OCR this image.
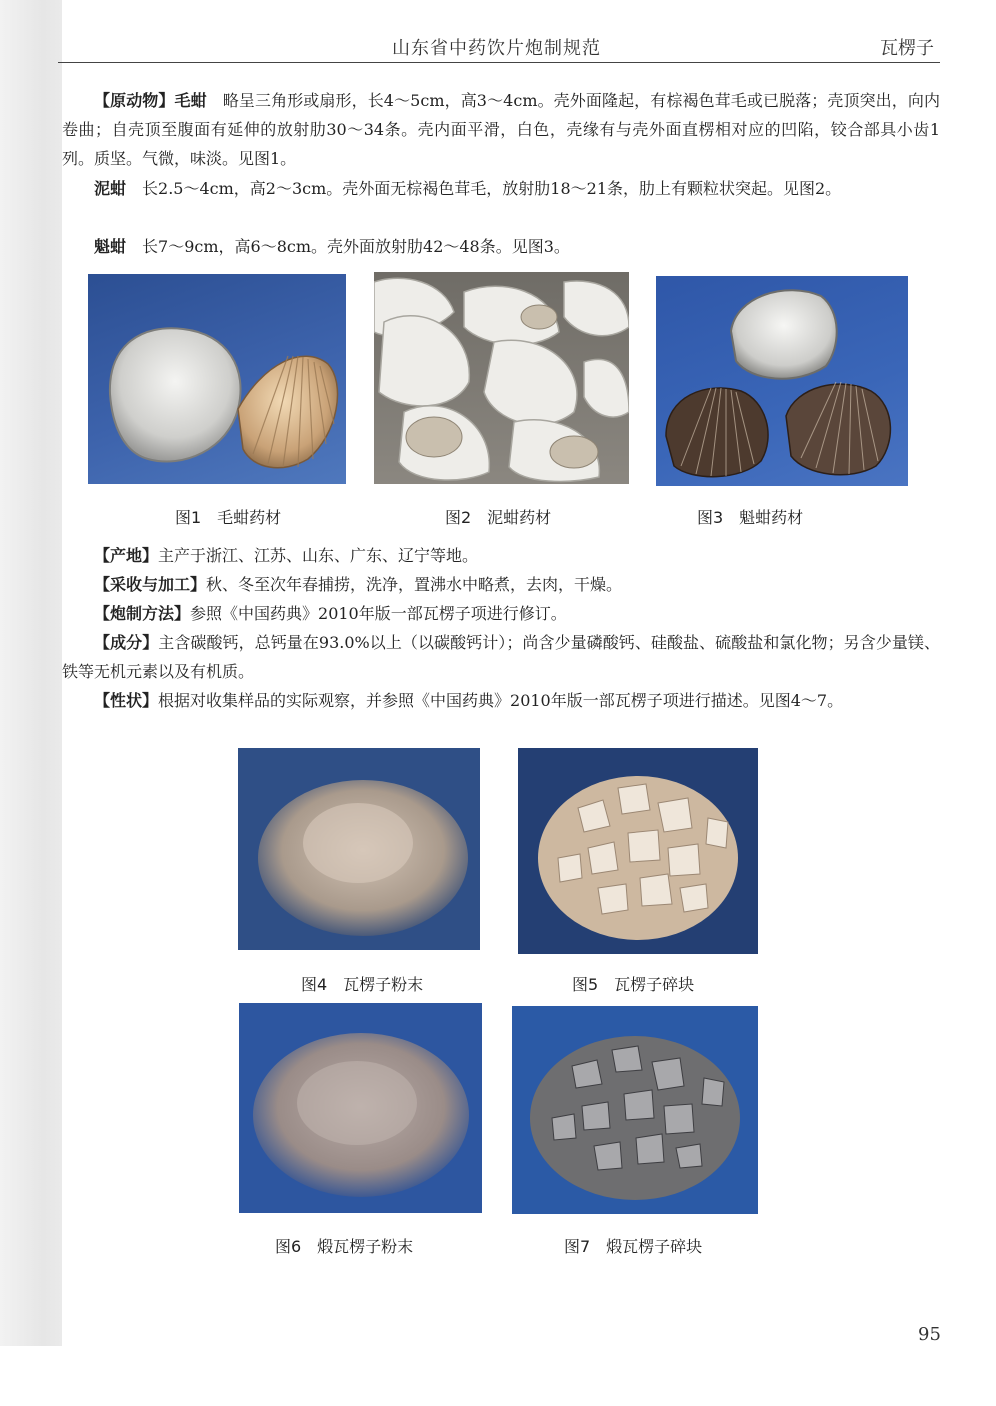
山东省中药饮片炮制规范	瓦楞子

【原动物】毛蚶　 略呈三角形或扇形，长4～5cm，高3～4cm。壳外面隆起，有棕褐色茸毛或已脱落；壳顶突出，向内卷曲；自壳顶至腹面有延伸的放射肋30～34条。壳内面平滑，白色，壳缘有与壳外面直楞相对应的凹陷，铰合部具小齿1列。质坚。气微，味淡。见图1。

泥蚶　 长2.5～4cm，高2～3cm。壳外面无棕褐色茸毛，放射肋18～21条，肋上有颗粒状突起。见图2。

魁蚶　 长7～9cm，高6～8cm。壳外面放射肋42～48条。见图3。

图1　毛蚶药材	图2　泥蚶药材	图3　魁蚶药材

【产地】主产于浙江、江苏、山东、广东、辽宁等地。

【采收与加工】秋、冬至次年春捕捞，洗净，置沸水中略煮，去肉，干燥。

【炮制方法】参照《中国药典》2010年版一部瓦楞子项进行修订。

【成分】主含碳酸钙，总钙量在93.0%以上（以碳酸钙计）；尚含少量磷酸钙、硅酸盐、硫酸盐和氯化物；另含少量镁、铁等无机元素以及有机质。

【性状】根据对收集样品的实际观察，并参照《中国药典》2010年版一部瓦楞子项进行描述。见图4～7。

图4　瓦楞子粉末	图5　瓦楞子碎块
图6　煅瓦楞子粉末	图7　煅瓦楞子碎块
95
